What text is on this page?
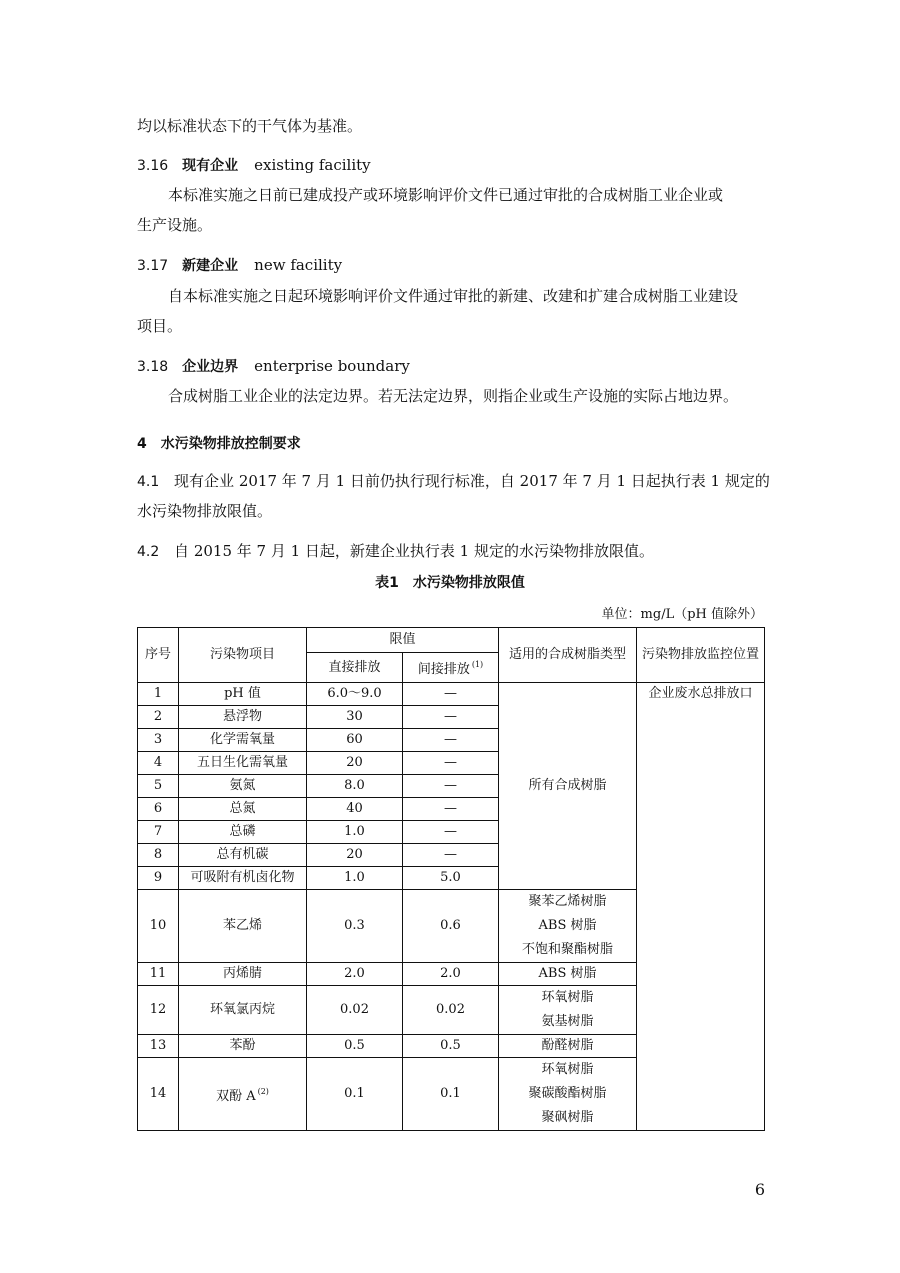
均以标准状态下的干气体为基准。
3.16 现有企业 existing facility
本标准实施之日前已建成投产或环境影响评价文件已通过审批的合成树脂工业企业或
生产设施。
3.17 新建企业 new facility
自本标准实施之日起环境影响评价文件通过审批的新建、改建和扩建合成树脂工业建设
项目。
3.18 企业边界 enterprise boundary
合成树脂工业企业的法定边界。若无法定边界，则指企业或生产设施的实际占地边界。
4 水污染物排放控制要求
4.1 现有企业 2017 年 7 月 1 日前仍执行现行标准，自 2017 年 7 月 1 日起执行表 1 规定的
水污染物排放限值。
4.2 自 2015 年 7 月 1 日起，新建企业执行表 1 规定的水污染物排放限值。
表1　水污染物排放限值
单位：mg/L（pH 值除外）
序号	污染物项目	限值		适用的合成树脂类型	污染物排放监控位置
		直接排放	间接排放 $^{(1)}$
1	pH 值	6.0～9.0	—	所有合成树脂	企业废水总排放口
2	悬浮物	30	—		
3	化学需氧量	60	—		
4	五日生化需氧量	20	—		
5	氨氮	8.0	—		
6	总氮	40	—		
7	总磷	1.0	—		
8	总有机碳	20	—		
9	可吸附有机卤化物	1.0	5.0		
10	苯乙烯	0.3	0.6	聚苯乙烯树脂
ABS 树脂
不饱和聚酯树脂	

11	丙烯腈	2.0	2.0	ABS 树脂	
12	环氧氯丙烷	0.02	0.02	环氧树脂
氨基树脂	

13	苯酚	0.5	0.5	酚醛树脂	
14	双酚 A $^{(2)}$	0.1	0.1	环氧树脂
聚碳酸酯树脂
聚砜树脂	
6
